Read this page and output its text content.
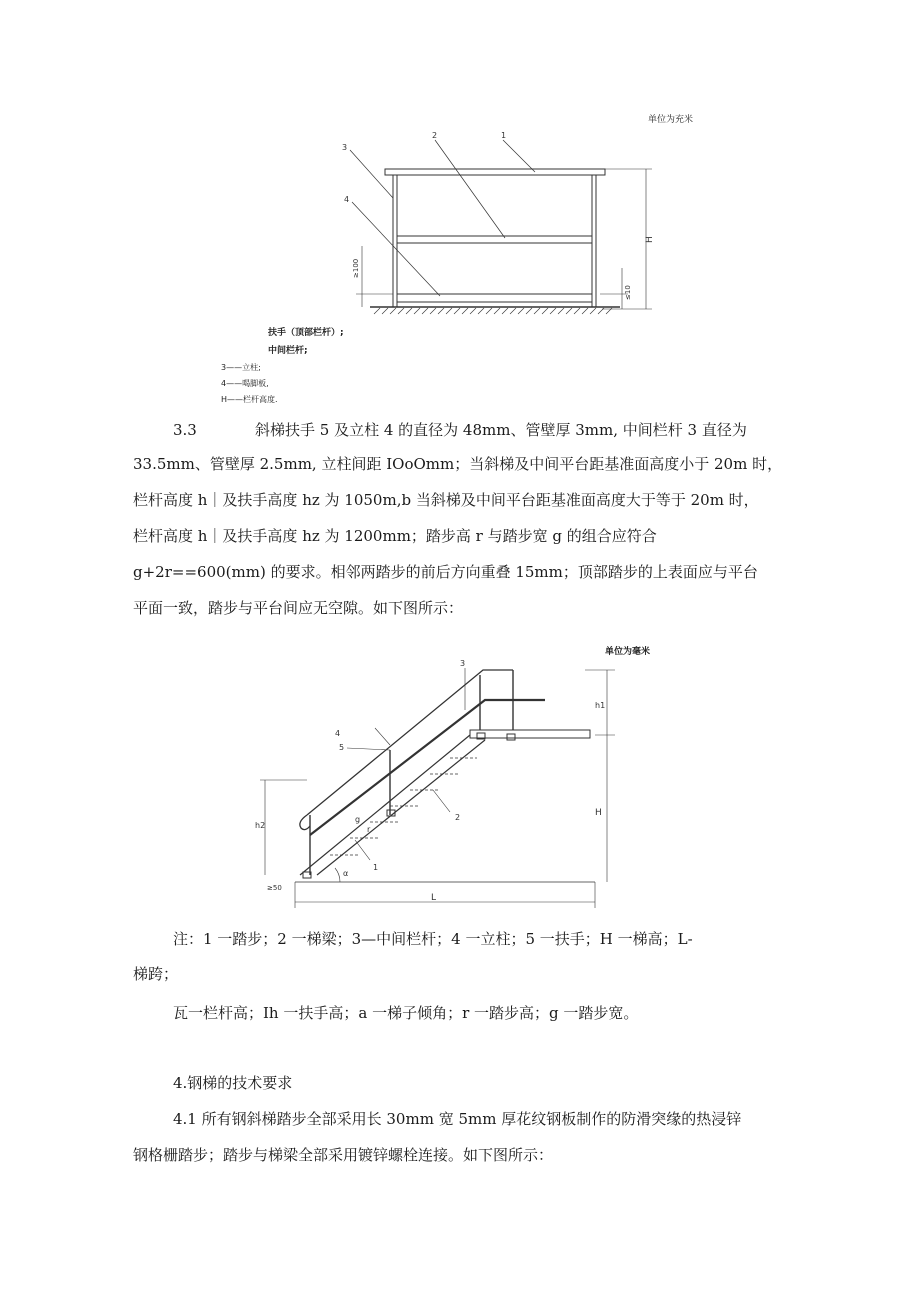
单位为充米
1
2
3
4
H
≥100
≤10
扶手（顶部栏杆）;
中间栏杆;
3——立柱;
4——喝脚板,
H——栏杆高度.
3.3	斜梯扶手 5 及立柱 4 的直径为 48mm、管壁厚 3mm, 中间栏杆 3 直径为
33.5mm、管壁厚 2.5mm, 立柱间距 IOoOmm；当斜梯及中间平台距基准面高度小于 20m 时，
栏杆高度 h｜及扶手高度 hz 为 1050m,b 当斜梯及中间平台距基准面高度大于等于 20m 时，
栏杆高度 h｜及扶手高度 hz 为 1200mm；踏步高 r 与踏步宽 g 的组合应符合
g+2r==600(mm) 的要求。相邻两踏步的前后方向重叠 15mm；顶部踏步的上表面应与平台
平面一致，踏步与平台间应无空隙。如下图所示：
单位为毫米
3
4
5
2
1
h1
h2
H
L
g
r
α
≥50
注：1 一踏步；2 一梯梁；3—中间栏杆；4 一立柱；5 一扶手；H 一梯高；L-
梯跨；
瓦一栏杆高；Ih 一扶手高；a 一梯子倾角；r 一踏步高；g 一踏步宽。
4.钢梯的技术要求
4.1 所有钢斜梯踏步全部采用长 30mm 宽 5mm 厚花纹钢板制作的防滑突缘的热浸锌
钢格栅踏步；踏步与梯梁全部采用镀锌螺栓连接。如下图所示：
